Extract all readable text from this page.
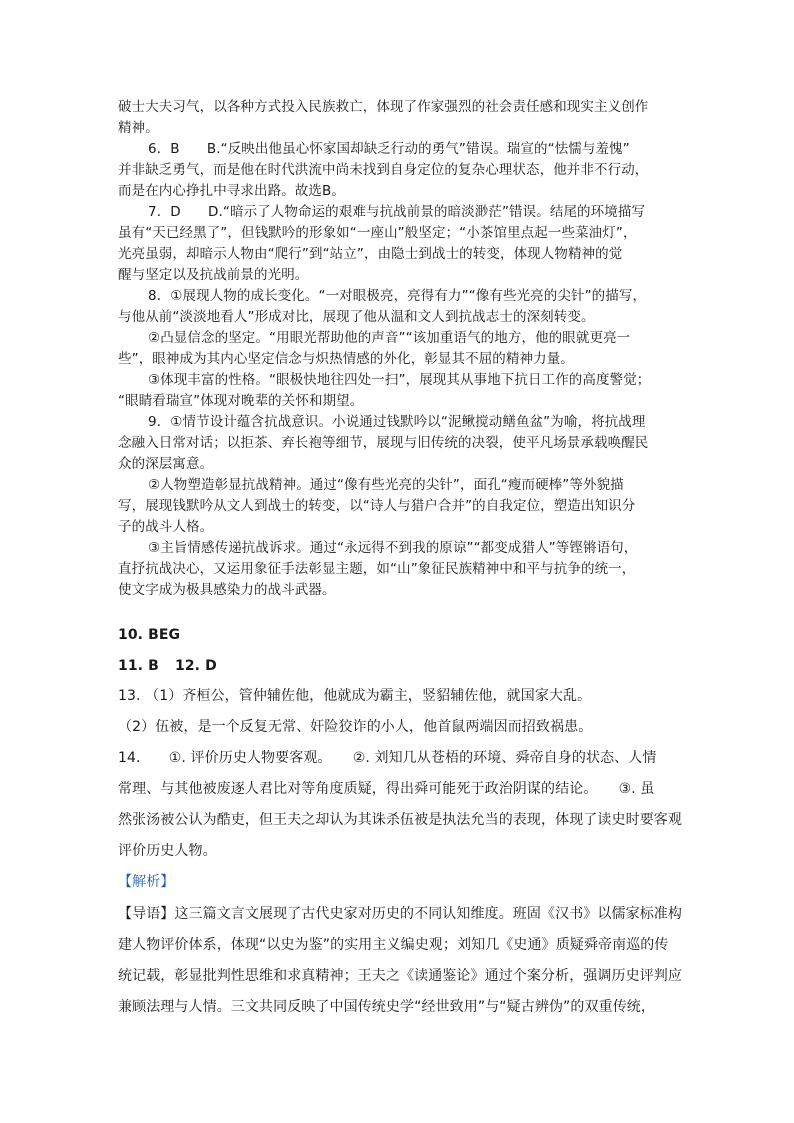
破士大夫习气，以各种方式投入民族救亡，体现了作家强烈的社会责任感和现实主义创作
精神。
6．B　　B.“反映出他虽心怀家国却缺乏行动的勇气”错误。瑞宣的“怯懦与羞愧”
并非缺乏勇气，而是他在时代洪流中尚未找到自身定位的复杂心理状态，他并非不行动，
而是在内心挣扎中寻求出路。故选B。
7．D　　D.“暗示了人物命运的艰难与抗战前景的暗淡渺茫”错误。结尾的环境描写
虽有“天已经黑了”，但钱默吟的形象如“一座山”般坚定；“小茶馆里点起一些菜油灯”，
光亮虽弱，却暗示人物由“爬行”到“站立”，由隐士到战士的转变，体现人物精神的觉
醒与坚定以及抗战前景的光明。
8．①展现人物的成长变化。“一对眼极亮，亮得有力”“像有些光亮的尖针”的描写，
与他从前“淡淡地看人”形成对比，展现了他从温和文人到抗战志士的深刻转变。
②凸显信念的坚定。“用眼光帮助他的声音”“该加重语气的地方，他的眼就更亮一
些”，眼神成为其内心坚定信念与炽热情感的外化，彰显其不屈的精神力量。
③体现丰富的性格。“眼极快地往四处一扫”，展现其从事地下抗日工作的高度警觉；
“眼睛看瑞宣”体现对晚辈的关怀和期望。
9．①情节设计蕴含抗战意识。小说通过钱默吟以“泥鳅搅动鳝鱼盆”为喻，将抗战理
念融入日常对话；以拒茶、弃长袍等细节，展现与旧传统的决裂，使平凡场景承载唤醒民
众的深层寓意。
②人物塑造彰显抗战精神。通过“像有些光亮的尖针”，面孔“瘦而硬棒”等外貌描
写，展现钱默吟从文人到战士的转变，以“诗人与猎户合并”的自我定位，塑造出知识分
子的战斗人格。
③主旨情感传递抗战诉求。通过“永远得不到我的原谅”“都变成猎人”等铿锵语句，
直抒抗战决心，又运用象征手法彰显主题，如“山”象征民族精神中和平与抗争的统一，
使文字成为极具感染力的战斗武器。
10. BEG
11. B 12. D
13. （1）齐桓公，管仲辅佐他，他就成为霸主，竖貂辅佐他，就国家大乱。
（2）伍被，是一个反复无常、奸险狡诈的小人，他首鼠两端因而招致祸患。
14.　　①. 评价历史人物要客观。　　②. 刘知几从苍梧的环境、舜帝自身的状态、人情
常理、与其他被废逐人君比对等角度质疑，得出舜可能死于政治阴谋的结论。　　③. 虽
然张汤被公认为酷吏，但王夫之却认为其诛杀伍被是执法允当的表现，体现了读史时要客观
评价历史人物。
【解析】
【导语】这三篇文言文展现了古代史家对历史的不同认知维度。班固《汉书》以儒家标准构
建人物评价体系，体现“以史为鉴”的实用主义编史观；刘知几《史通》质疑舜帝南巡的传
统记载，彰显批判性思维和求真精神；王夫之《读通鉴论》通过个案分析，强调历史评判应
兼顾法理与人情。三文共同反映了中国传统史学“经世致用”与“疑古辨伪”的双重传统，
